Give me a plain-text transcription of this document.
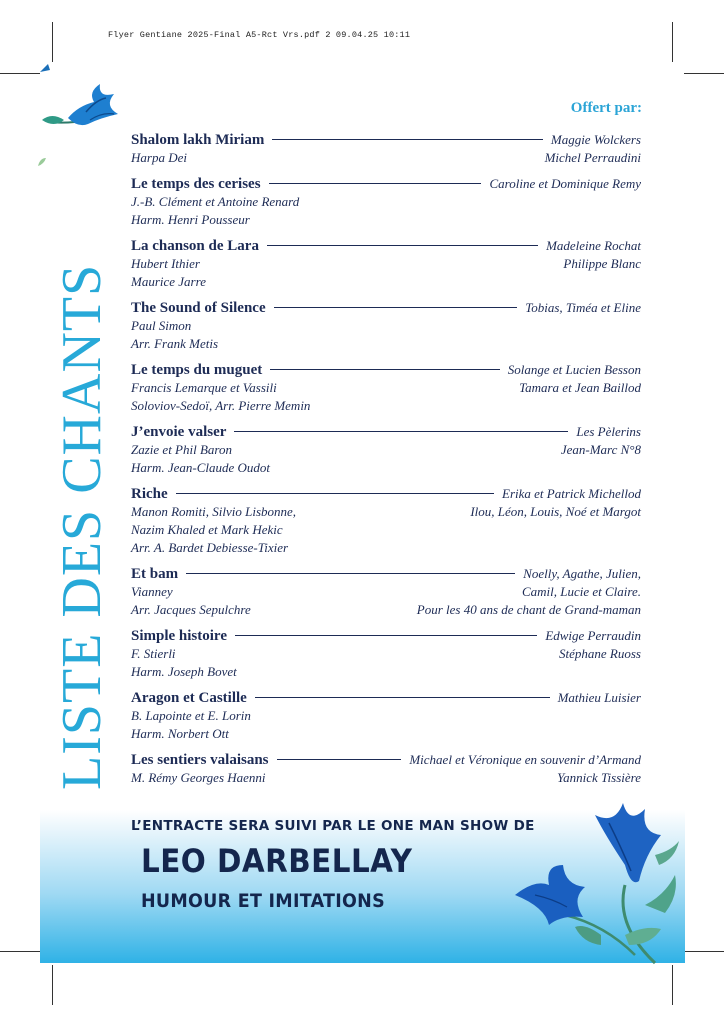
Flyer Gentiane 2025-Final A5-Rct Vrs.pdf 2 09.04.25 10:11
LISTE DES CHANTS
Offert par:
Shalom lakh Miriam	Maggie Wolckers
Harpa Dei	Michel Perraudini
Le temps des cerises	Caroline et Dominique Remy
J.-B. Clément et Antoine Renard
Harm. Henri Pousseur
La chanson de Lara	Madeleine Rochat
Hubert Ithier	Philippe Blanc
Maurice Jarre
The Sound of Silence	Tobias, Timéa et Eline
Paul Simon
Arr. Frank Metis
Le temps du muguet	Solange et Lucien Besson
Francis Lemarque et Vassili	Tamara et Jean Baillod
Soloviov-Sedoï, Arr. Pierre Memin
J’envoie valser	Les Pèlerins
Zazie et Phil Baron	Jean-Marc N°8
Harm. Jean-Claude Oudot
Riche	Erika et Patrick Michellod
Manon Romiti, Silvio Lisbonne,	Ilou, Léon, Louis, Noé et Margot
Nazim Khaled et Mark Hekic
Arr. A. Bardet Debiesse-Tixier
Et bam	Noelly, Agathe, Julien,
Vianney	Camil, Lucie et Claire.
Arr. Jacques Sepulchre	Pour les 40 ans de chant de Grand-maman
Simple histoire	Edwige Perraudin
F. Stierli	Stéphane Ruoss
Harm. Joseph Bovet
Aragon et Castille	Mathieu Luisier
B. Lapointe et E. Lorin
Harm. Norbert Ott
Les sentiers valaisans	Michael et Véronique en souvenir d’Armand
M. Rémy Georges Haenni	Yannick Tissière
L’ENTRACTE SERA SUIVI PAR LE ONE MAN SHOW DE
LEO DARBELLAY
HUMOUR ET IMITATIONS
